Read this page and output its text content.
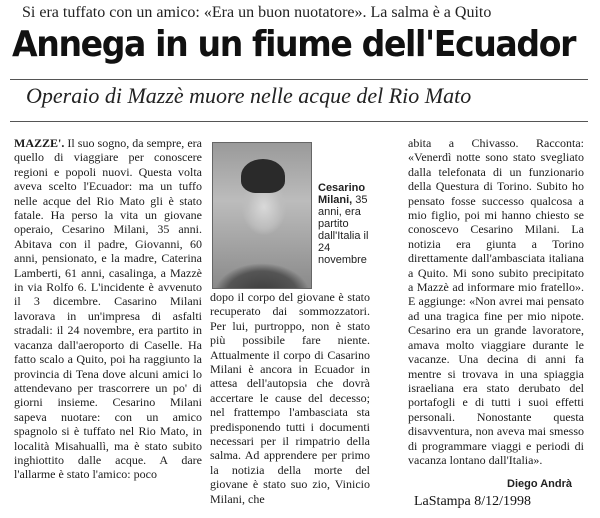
Si era tuffato con un amico: «Era un buon nuotatore». La salma è a Quito
Annega in un fiume dell'Ecuador
Operaio di Mazzè muore nelle acque del Rio Mato

MAZZE'. Il suo sogno, da sempre, era quello di viaggiare per conoscere regioni e popoli nuovi. Questa volta aveva scelto l'Ecuador: ma un tuffo nelle acque del Rio Mato gli è stato fatale. Ha perso la vita un giovane operaio, Cesarino Milani, 35 anni. Abitava con il padre, Giovanni, 60 anni, pensionato, e la madre, Caterina Lamberti, 61 anni, casalinga, a Mazzè in via Rolfo 6. L'incidente è avvenuto il 3 dicembre. Casarino Milani lavorava in un'impresa di asfalti stradali: il 24 novembre, era partito in vacanza dall'aeroporto di Caselle. Ha fatto scalo a Quito, poi ha raggiunto la provincia di Tena dove alcuni amici lo attendevano per trascorrere un po' di giorni insieme. Cesarino Milani sapeva nuotare: con un amico spagnolo si è tuffato nel Rio Mato, in località Misahuallì, ma è stato subito inghiottito dalle acque. A dare l'allarme è stato l'amico: poco

Cesarino Milani, 35 anni, era partito dall'Italia il 24 novembre

dopo il corpo del giovane è stato recuperato dai sommozzatori. Per lui, purtroppo, non è stato più possibile fare niente. Attualmente il corpo di Casarino Milani è ancora in Ecuador in attesa dell'autopsia che dovrà accertare le cause del decesso; nel frattempo l'ambasciata sta predisponendo tutti i documenti necessari per il rimpatrio della salma. Ad apprendere per primo la notizia della morte del giovane è stato suo zio, Vinicio Milani, che

abita a Chivasso. Racconta: «Venerdì notte sono stato svegliato dalla telefonata di un funzionario della Questura di Torino. Subito ho pensato fosse successo qualcosa a mio figlio, poi mi hanno chiesto se conoscevo Cesarino Milani. La notizia era giunta a Torino direttamente dall'ambasciata italiana a Quito. Mi sono subito precipitato a Mazzè ad informare mio fratello». E aggiunge: «Non avrei mai pensato ad una tragica fine per mio nipote. Cesarino era un grande lavoratore, amava molto viaggiare durante le vacanze. Una decina di anni fa mentre si trovava in una spiaggia israeliana era stato derubato del portafogli e di tutti i suoi effetti personali. Nonostante questa disavventura, non aveva mai smesso di programmare viaggi e periodi di vacanza lontano dall'Italia».

Diego Andrà
LaStampa 8/12/1998
